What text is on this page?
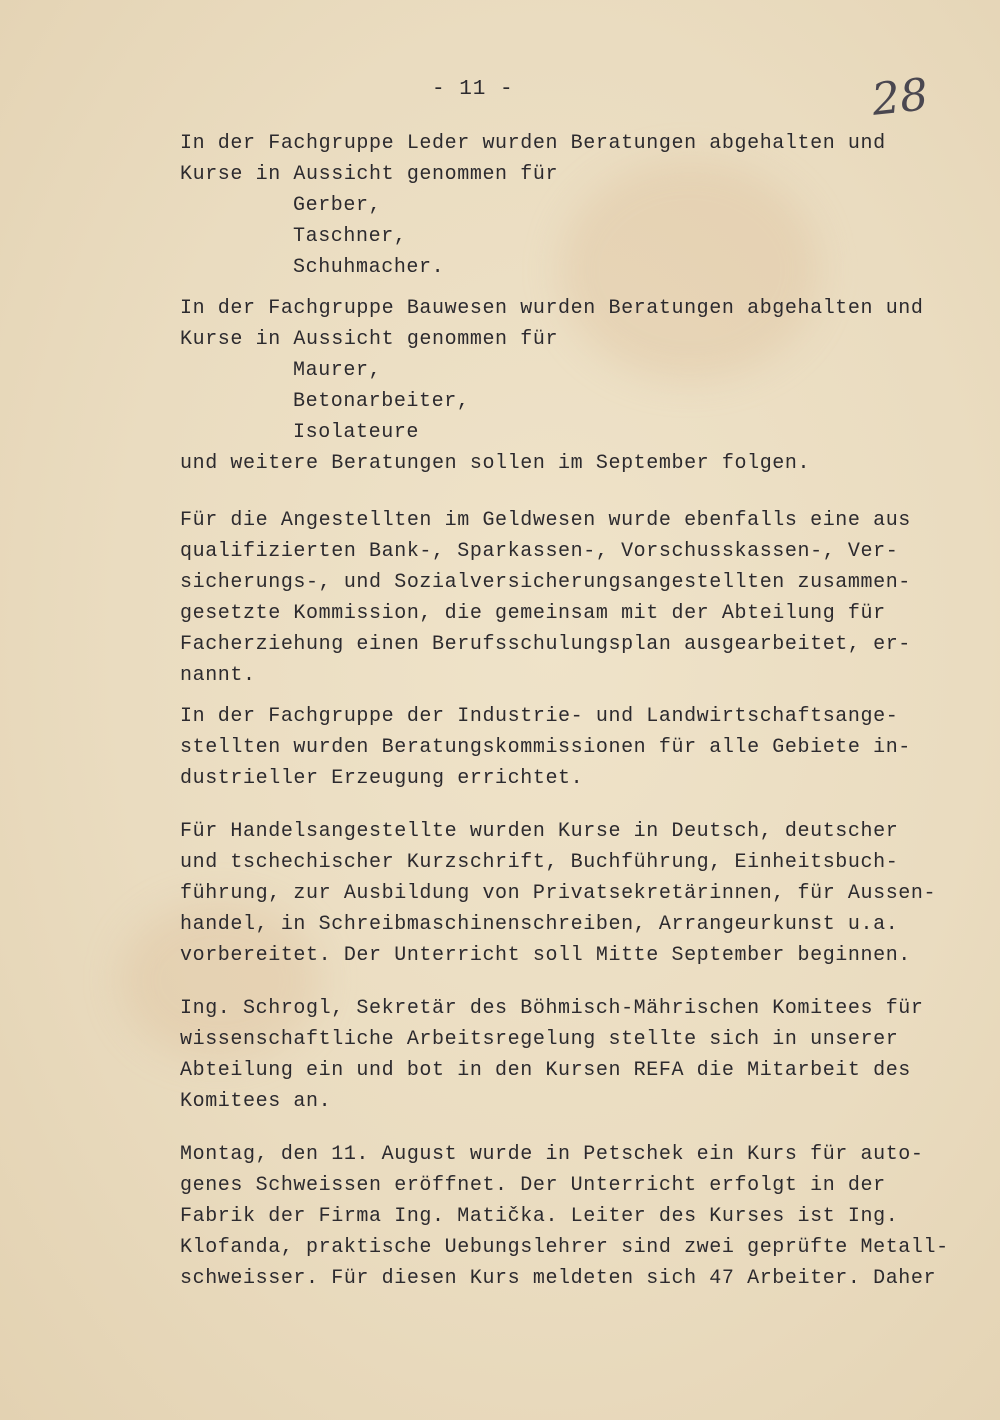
- 11 -	28
In der Fachgruppe Leder wurden Beratungen abgehalten und
Kurse in Aussicht genommen für
Gerber,
Taschner,
Schuhmacher.
In der Fachgruppe Bauwesen wurden Beratungen abgehalten und
Kurse in Aussicht genommen für
Maurer,
Betonarbeiter,
Isolateure
und weitere Beratungen sollen im September folgen.
Für die Angestellten im Geldwesen wurde ebenfalls eine aus
qualifizierten Bank-, Sparkassen-, Vorschusskassen-, Ver-
sicherungs-, und Sozialversicherungsangestellten zusammen-
gesetzte Kommission, die gemeinsam mit der Abteilung für
Facherziehung einen Berufsschulungsplan ausgearbeitet, er-
nannt.
In der Fachgruppe der Industrie- und Landwirtschaftsange-
stellten wurden Beratungskommissionen für alle Gebiete in-
dustrieller Erzeugung errichtet.
Für Handelsangestellte wurden Kurse in Deutsch, deutscher
und tschechischer Kurzschrift, Buchführung, Einheitsbuch-
führung, zur Ausbildung von Privatsekretärinnen, für Aussen-
handel, in Schreibmaschinenschreiben, Arrangeurkunst u.a.
vorbereitet. Der Unterricht soll Mitte September beginnen.
Ing. Schrogl, Sekretär des Böhmisch-Mährischen Komitees für
wissenschaftliche Arbeitsregelung stellte sich in unserer
Abteilung ein und bot in den Kursen REFA die Mitarbeit des
Komitees an.
Montag, den 11. August wurde in Petschek ein Kurs für auto-
genes Schweissen eröffnet. Der Unterricht erfolgt in der
Fabrik der Firma Ing. Matička. Leiter des Kurses ist Ing.
Klofanda, praktische Uebungslehrer sind zwei geprüfte Metall-
schweisser. Für diesen Kurs meldeten sich 47 Arbeiter. Daher
